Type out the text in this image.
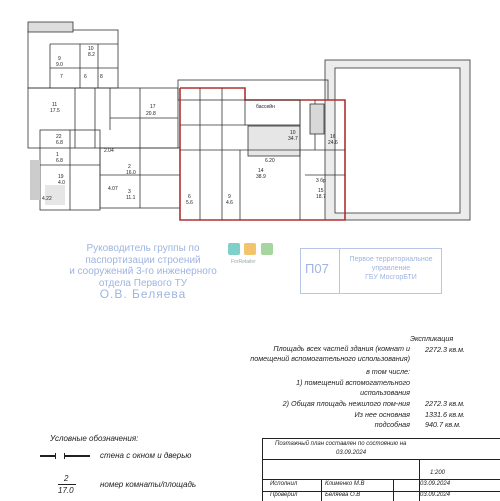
9
9.0
10
8.2
7	6	8
11
17.5
17
20.8
22
6.8
1
6.8
19
4.0
2
16.0
3
11.1
бассейн
10
34.7
14
38.9
15
18.7
16
24.6
6
5.6
9
4.6
6.20
4.07
4.22
2.04
3 бр

ForRetailer
Руководитель группы по
паспортизации строений
и сооружений 3-го инженерного
отдела Первого ТУ
О.В. Беляева
П07
Первое территориальное
управление
ГБУ МосгорБТИ
Экспликация
Площадь всех частей здания (комнат и
помещений вспомогательного использования)
2272.3 кв.м.
в том числе:
1) помещений вспомогательного
использования
2) Общая площадь нежилого пом-ния 2272.3 кв.м.
Из нее основная 1331.6 кв.м.
подсобная 940.7 кв.м.
Условные обозначения:
стена с окном и дверью
2
17.0
номер комнаты/площадь
Поэтажный план составлен по состоянию на
03.09.2024
1:200
Исполнил	Клименко М.В	03.09.2024
Проверил	Беляева О.В	03.09.2024
